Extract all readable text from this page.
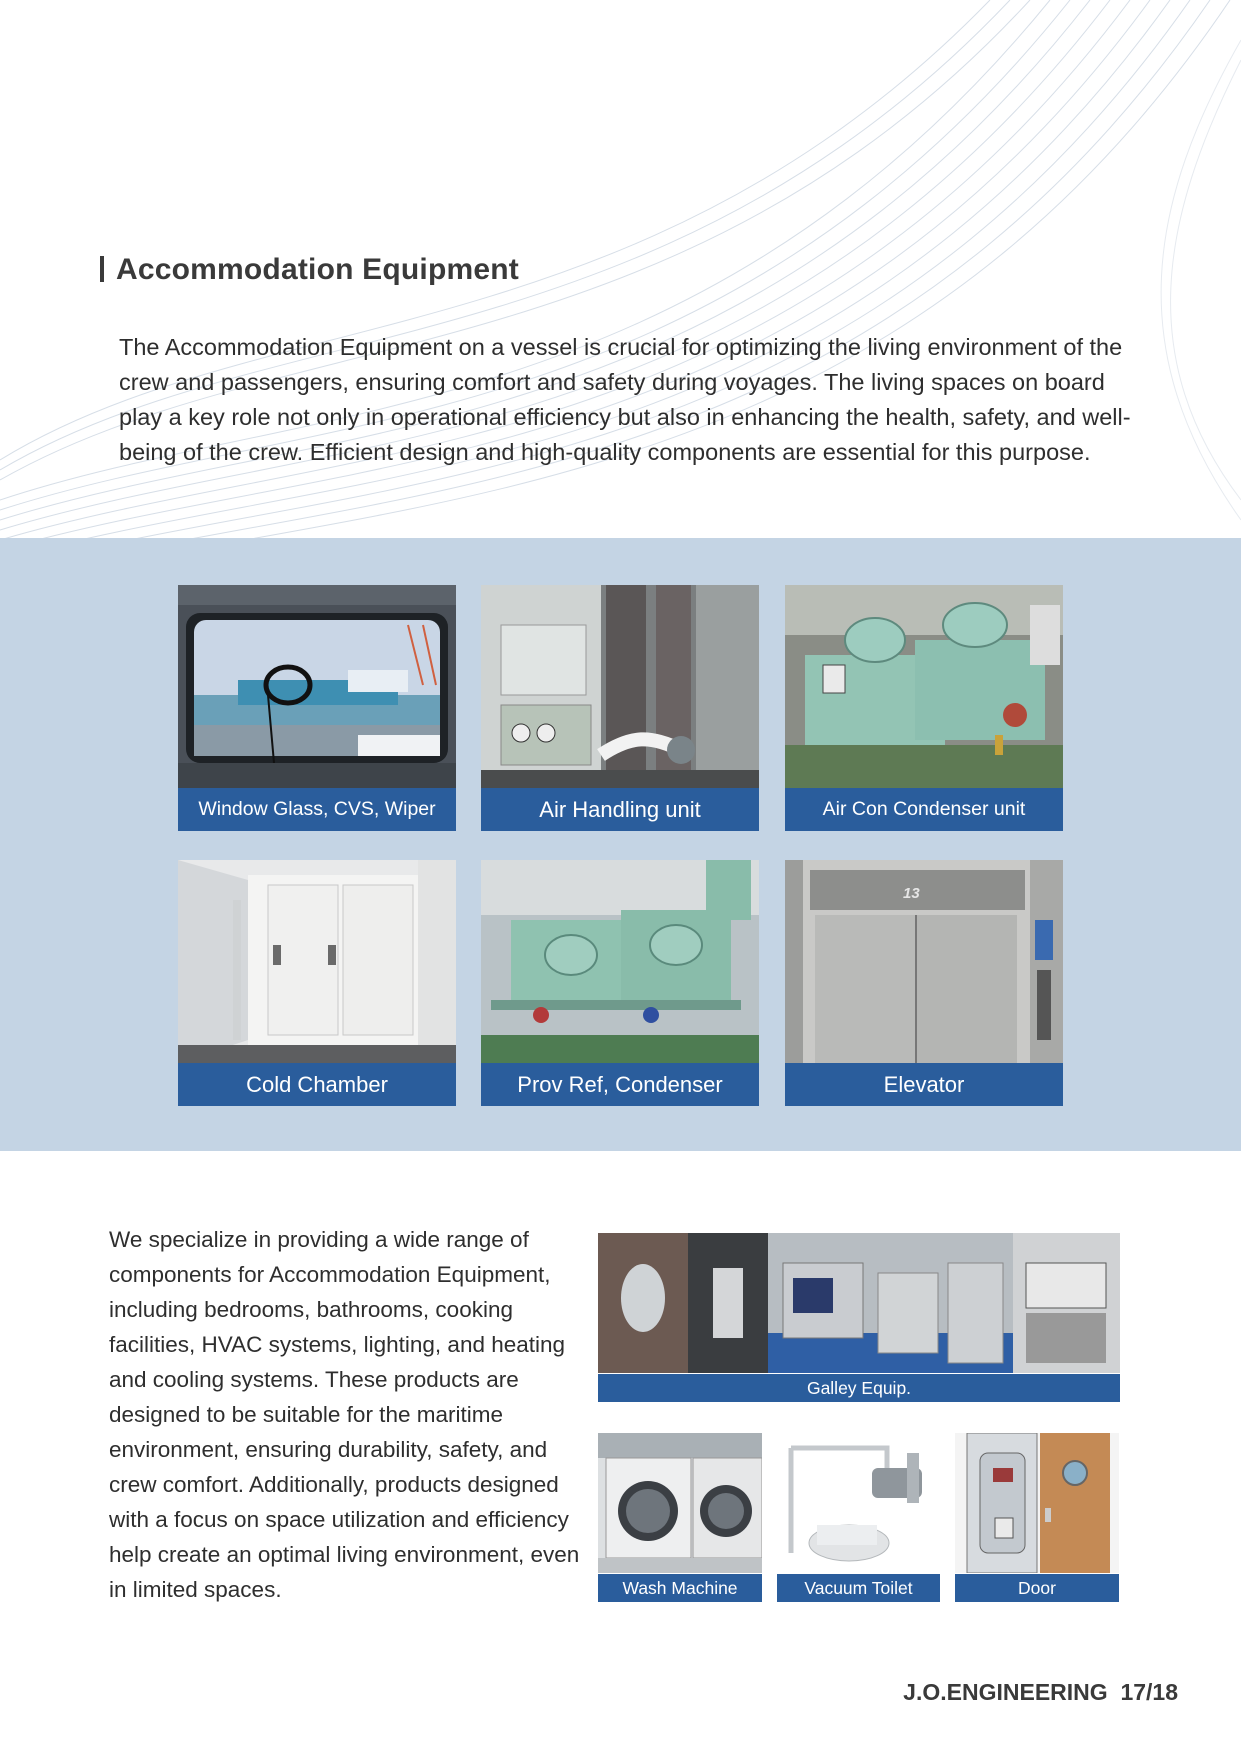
Accommodation Equipment

The Accommodation Equipment on a vessel is crucial for optimizing the living environment of the crew and passengers, ensuring comfort and safety during voyages. The living spaces on board play a key role not only in operational efficiency but also in enhancing the health, safety, and well-being of the crew. Efficient design and high-quality components are essential for this purpose.

Window Glass, CVS, Wiper	Air Handling unit	Air Con Condenser unit
Cold Chamber	Prov Ref, Condenser
13
Elevator

We specialize in providing a wide range of components for Accommodation Equipment, including bedrooms, bathrooms, cooking facilities, HVAC systems, lighting, and heating and cooling systems. These products are designed to be suitable for the maritime environment, ensuring durability, safety, and crew comfort. Additionally, products designed with a focus on space utilization and efficiency help create an optimal living environment, even in limited spaces.

Galley Equip.
Wash Machine	Vacuum Toilet	Door

J.O.ENGINEERING 17/18
